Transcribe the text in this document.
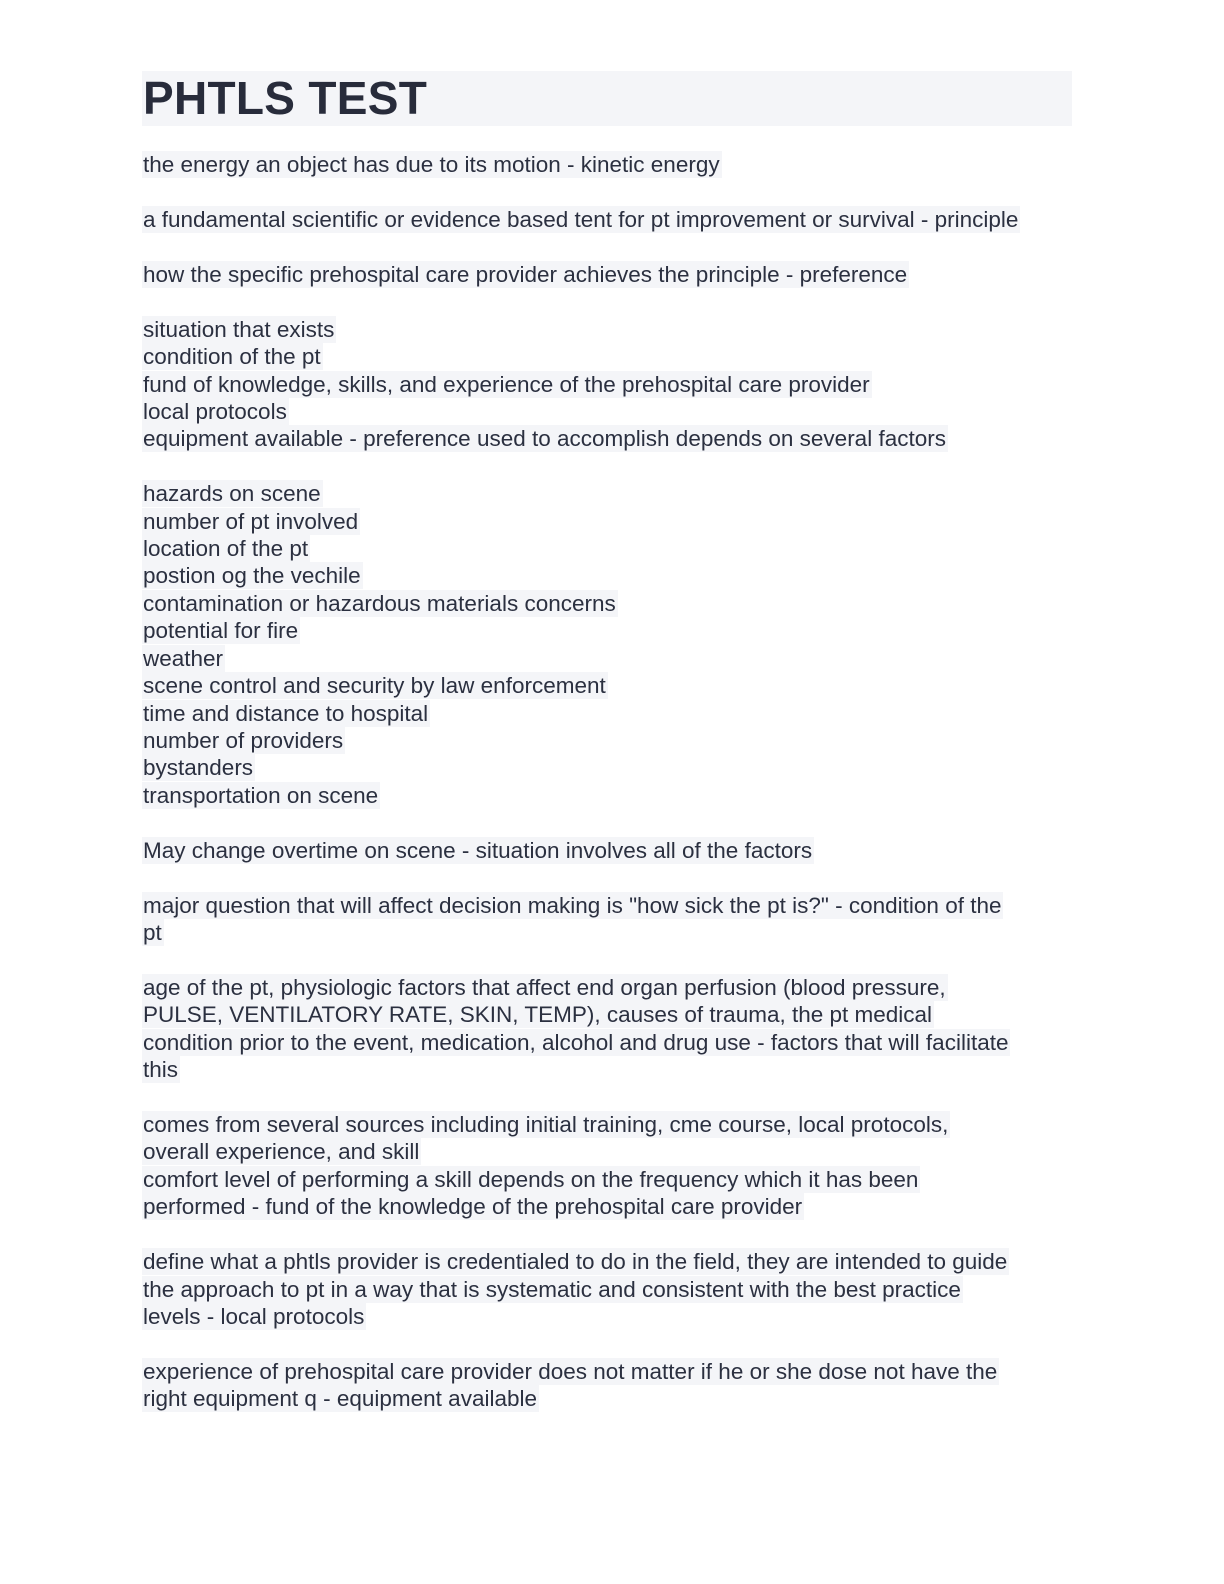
PHTLS TEST
the energy an object has due to its motion - kinetic energy
a fundamental scientific or evidence based tent for pt improvement or survival - principle
how the specific prehospital care provider achieves the principle - preference
situation that exists
condition of the pt
fund of knowledge, skills, and experience of the prehospital care provider
local protocols
equipment available - preference used to accomplish depends on several factors
hazards on scene
number of pt involved
location of the pt
postion og the vechile
contamination or hazardous materials concerns
potential for fire
weather
scene control and security by law enforcement
time and distance to hospital
number of providers
bystanders
transportation on scene
May change overtime on scene - situation involves all of the factors
major question that will affect decision making is "how sick the pt is?" - condition of the
pt
age of the pt, physiologic factors that affect end organ perfusion (blood pressure,
PULSE, VENTILATORY RATE, SKIN, TEMP), causes of trauma, the pt medical
condition prior to the event, medication, alcohol and drug use - factors that will facilitate
this
comes from several sources including initial training, cme course, local protocols,
overall experience, and skill
comfort level of performing a skill depends on the frequency which it has been
performed - fund of the knowledge of the prehospital care provider
define what a phtls provider is credentialed to do in the field, they are intended to guide
the approach to pt in a way that is systematic and consistent with the best practice
levels - local protocols
experience of prehospital care provider does not matter if he or she dose not have the
right equipment q - equipment available
